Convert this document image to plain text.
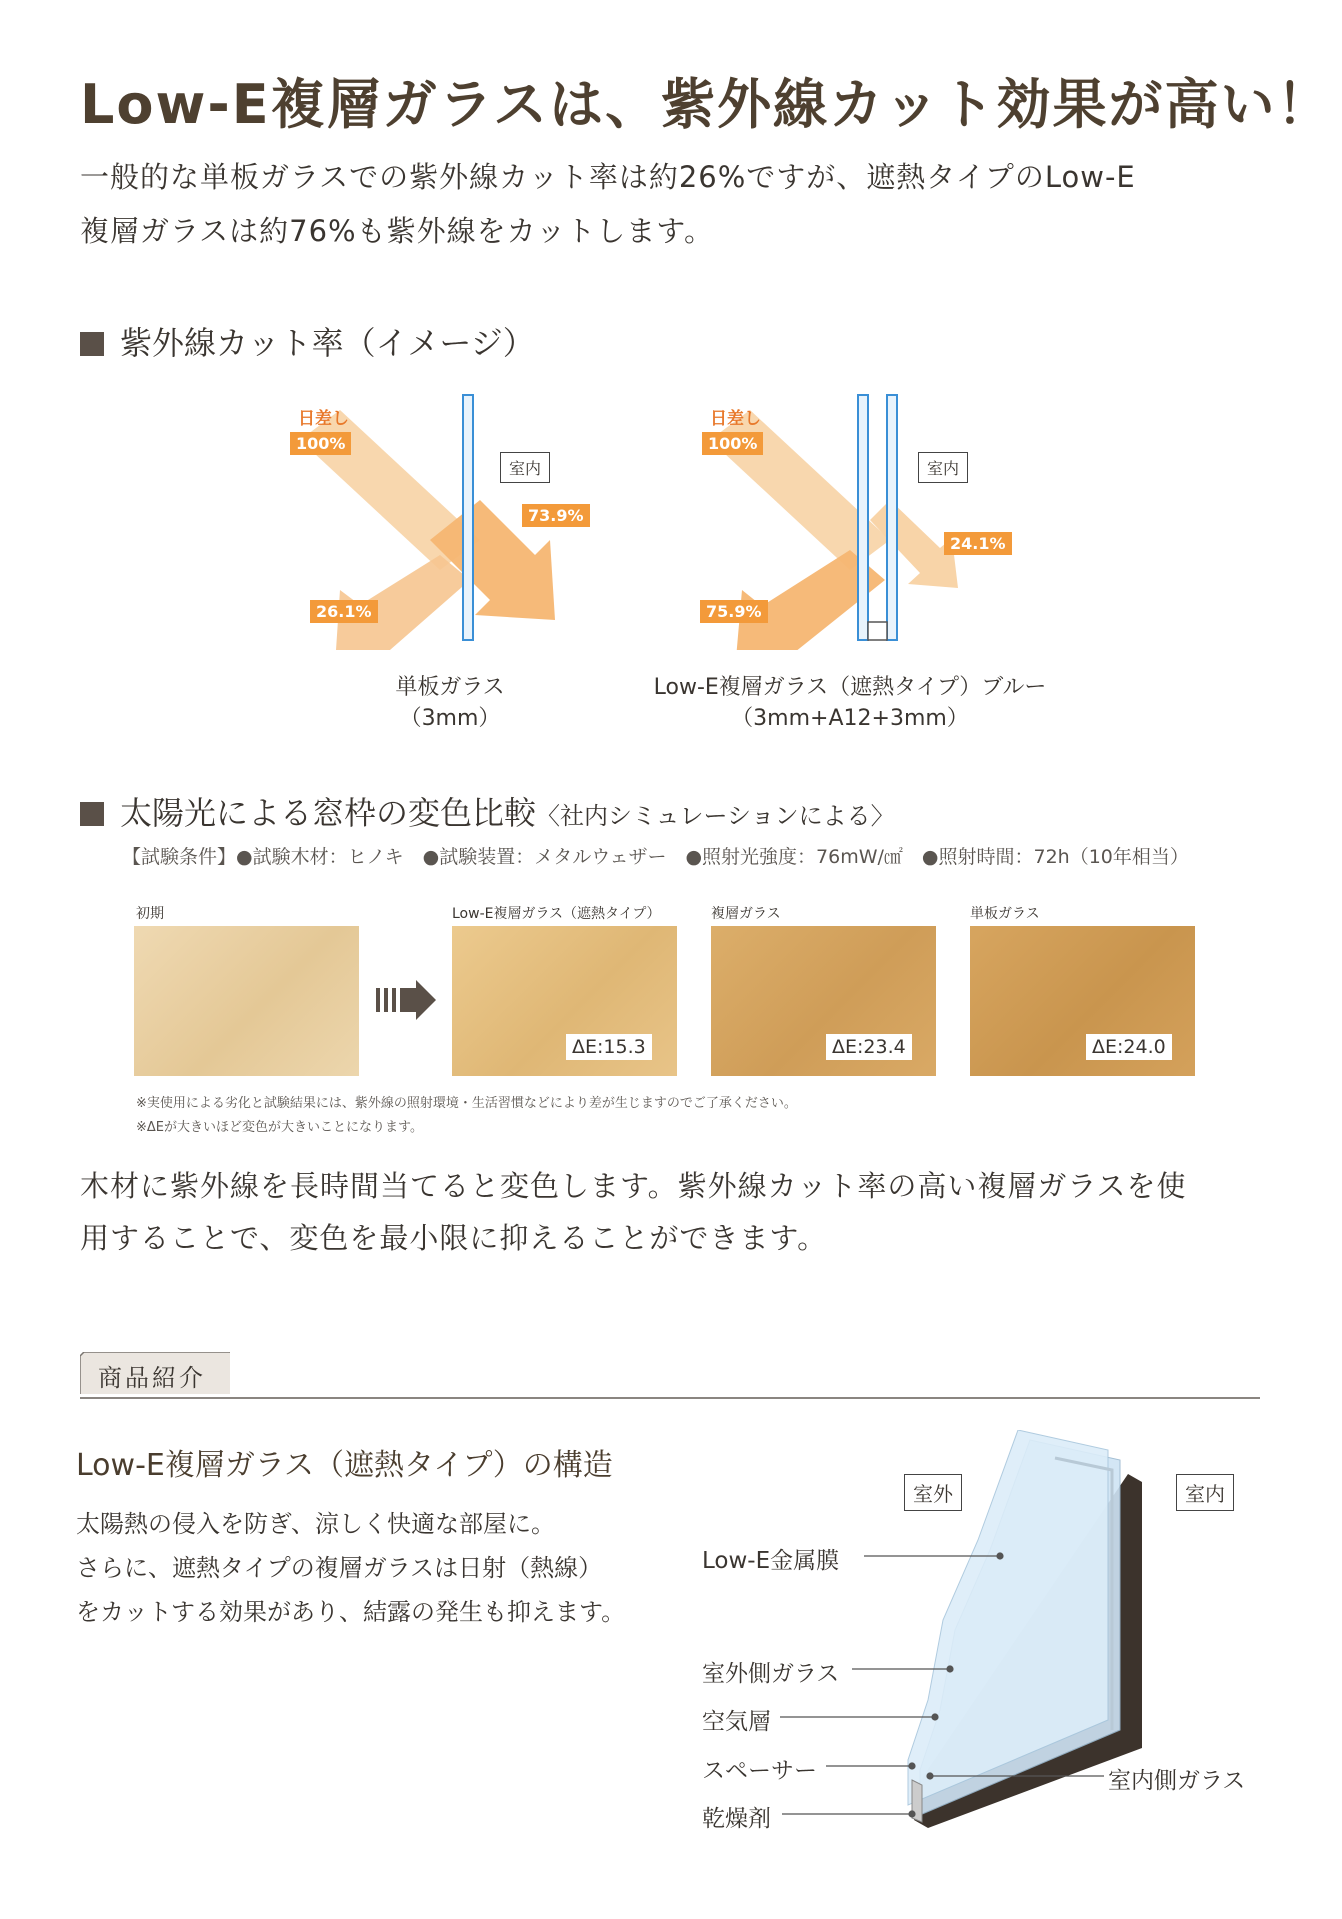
Low-E複層ガラスは、紫外線カット効果が高い！
一般的な単板ガラスでの紫外線カット率は約26%ですが、遮熱タイプのLow-E
複層ガラスは約76%も紫外線をカットします。
紫外線カット率（イメージ）
日差し
100%
室内
73.9%
26.1%
単板ガラス
（3mm）
日差し
100%
室内
24.1%
75.9%
Low-E複層ガラス（遮熱タイプ）ブルー
（3mm+A12+3mm）
太陽光による窓枠の変色比較〈社内シミュレーションによる〉
【試験条件】●試験木材：ヒノキ　●試験装置：メタルウェザー　●照射光強度：76mW/㎠　●照射時間：72h（10年相当）
初期	Low-E複層ガラス（遮熱タイプ）
ΔE:15.3
複層ガラス
ΔE:23.4
単板ガラス
ΔE:24.0
※実使用による劣化と試験結果には、紫外線の照射環境・生活習慣などにより差が生じますのでご了承ください。
※ΔEが大きいほど変色が大きいことになります。
木材に紫外線を長時間当てると変色します。紫外線カット率の高い複層ガラスを使
用することで、変色を最小限に抑えることができます。
商品紹介
Low-E複層ガラス（遮熱タイプ）の構造
太陽熱の侵入を防ぎ、涼しく快適な部屋に。
さらに、遮熱タイプの複層ガラスは日射（熱線）
をカットする効果があり、結露の発生も抑えます。
室外	室内
Low-E金属膜
室外側ガラス
空気層
スペーサー
乾燥剤
室内側ガラス
